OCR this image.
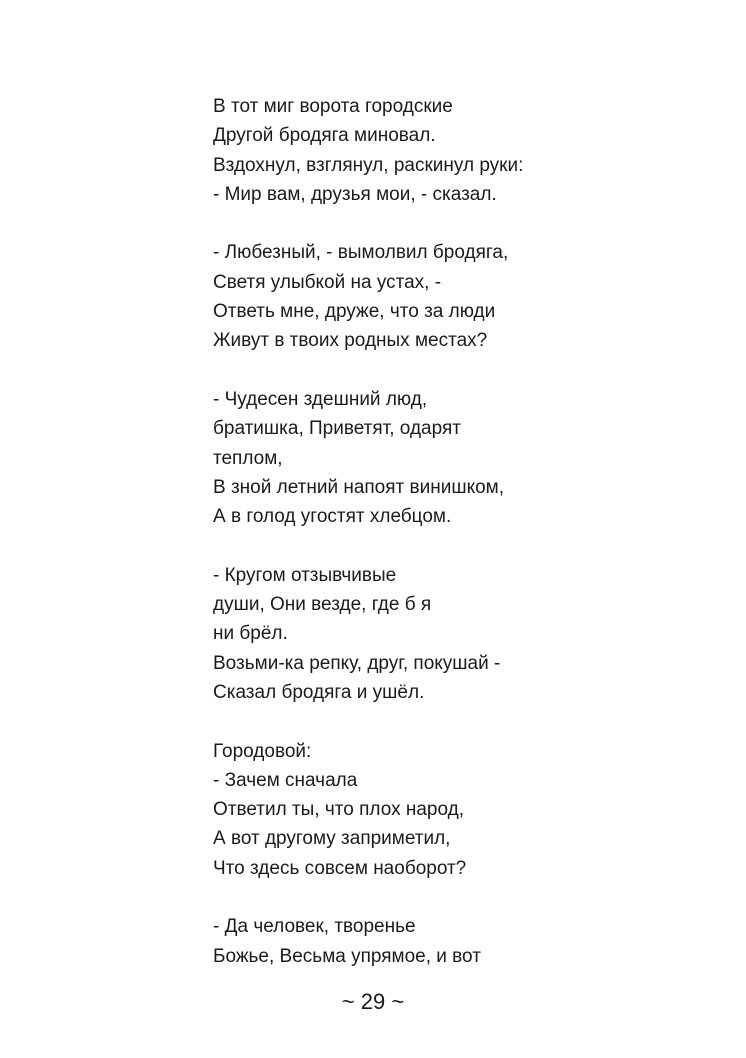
В тот миг ворота городские
Другой бродяга миновал.
Вздохнул, взглянул, раскинул руки:
- Мир вам, друзья мои, - сказал.
- Любезный, - вымолвил бродяга,
Светя улыбкой на устах, -
Ответь мне, друже, что за люди
Живут в твоих родных местах?
- Чудесен здешний люд,
братишка, Приветят, одарят
теплом,
В зной летний напоят винишком,
А в голод угостят хлебцом.
- Кругом отзывчивые
души, Они везде, где б я
ни брёл.
Возьми-ка репку, друг, покушай -
Сказал бродяга и ушёл.
Городовой:
- Зачем сначала
Ответил ты, что плох народ,
А вот другому заприметил,
Что здесь совсем наоборот?
- Да человек, творенье
Божье, Весьма упрямое, и вот
~ 29 ~
